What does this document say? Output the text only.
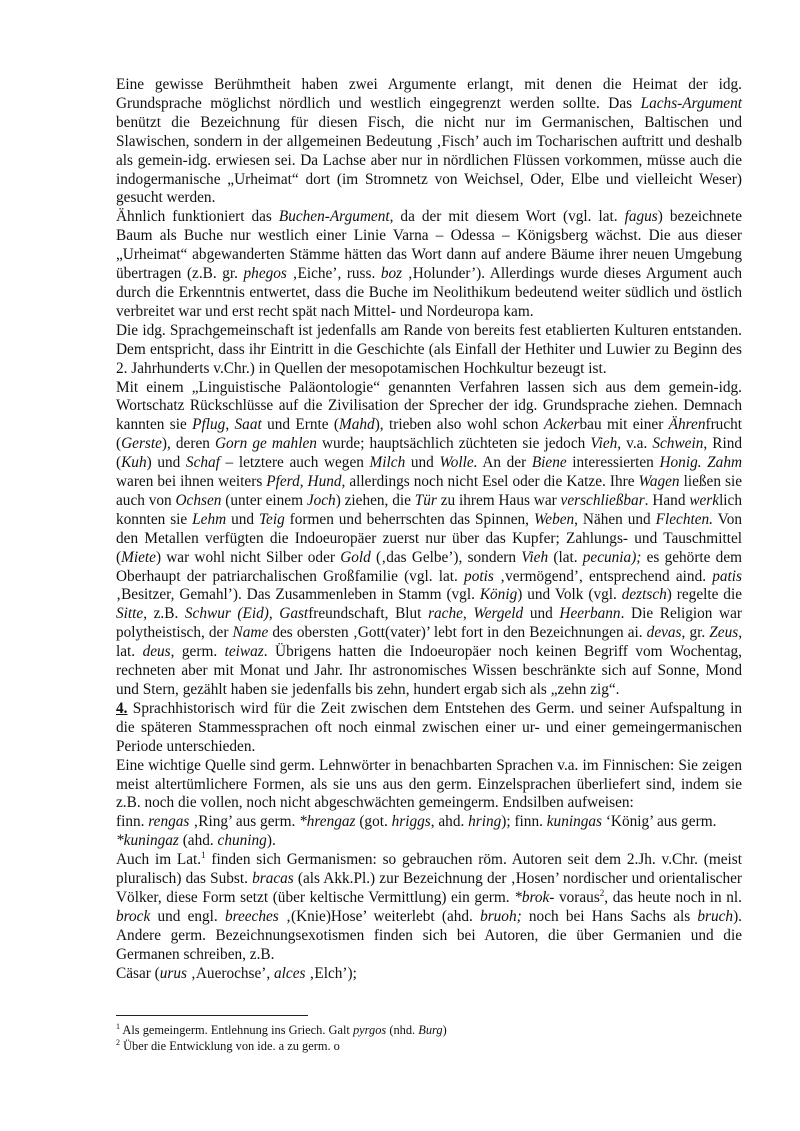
Eine gewisse Berühmtheit haben zwei Argumente erlangt, mit denen die Heimat der idg. Grundsprache möglichst nördlich und westlich eingegrenzt werden sollte. Das Lachs-Argument benützt die Bezeichnung für diesen Fisch, die nicht nur im Germanischen, Baltischen und Slawischen, sondern in der allgemeinen Bedeutung ‚Fisch’ auch im Tocharischen auftritt und deshalb als gemein-idg. erwiesen sei. Da Lachse aber nur in nördlichen Flüssen vorkommen, müsse auch die indogermanische „Urheimat“ dort (im Stromnetz von Weichsel, Oder, Elbe und vielleicht Weser) gesucht werden.

Ähnlich funktioniert das Buchen-Argument, da der mit diesem Wort (vgl. lat. fagus) bezeichnete Baum als Buche nur westlich einer Linie Varna – Odessa – Königsberg wächst. Die aus dieser „Urheimat“ abgewanderten Stämme hätten das Wort dann auf andere Bäume ihrer neuen Umgebung übertragen (z.B. gr. phegos ‚Eiche’, russ. boz ‚Holunder’). Allerdings wurde dieses Argument auch durch die Erkenntnis entwertet, dass die Buche im Neolithikum bedeutend weiter südlich und östlich verbreitet war und erst recht spät nach Mittel- und Nordeuropa kam.

Die idg. Sprachgemeinschaft ist jedenfalls am Rande von bereits fest etablierten Kulturen entstanden. Dem entspricht, dass ihr Eintritt in die Geschichte (als Einfall der Hethiter und Luwier zu Beginn des 2. Jahrhunderts v.Chr.) in Quellen der mesopotamischen Hochkultur bezeugt ist.

Mit einem „Linguistische Paläontologie“ genannten Verfahren lassen sich aus dem gemein-idg. Wortschatz Rückschlüsse auf die Zivilisation der Sprecher der idg. Grundsprache ziehen. Demnach kannten sie Pflug, Saat und Ernte (Mahd), trieben also wohl schon Ackerbau mit einer Ährenfrucht (Gerste), deren Gorn ge mahlen wurde; hauptsächlich züchteten sie jedoch Vieh, v.a. Schwein, Rind (Kuh) und Schaf – letztere auch wegen Milch und Wolle. An der Biene interessierten Honig. Zahm waren bei ihnen weiters Pferd, Hund, allerdings noch nicht Esel oder die Katze. Ihre Wagen ließen sie auch von Ochsen (unter einem Joch) ziehen, die Tür zu ihrem Haus war verschließbar. Hand werklich konnten sie Lehm und Teig formen und beherrschten das Spinnen, Weben, Nähen und Flechten. Von den Metallen verfügten die Indoeuropäer zuerst nur über das Kupfer; Zahlungs- und Tauschmittel (Miete) war wohl nicht Silber oder Gold (‚das Gelbe’), sondern Vieh (lat. pecunia); es gehörte dem Oberhaupt der patriarchalischen Großfamilie (vgl. lat. potis ‚vermögend’, entsprechend aind. patis ‚Besitzer, Gemahl’). Das Zusammenleben in Stamm (vgl. König) und Volk (vgl. deztsch) regelte die Sitte, z.B. Schwur (Eid), Gastfreundschaft, Blut rache, Wergeld und Heerbann. Die Religion war polytheistisch, der Name des obersten ‚Gott(vater)’ lebt fort in den Bezeichnungen ai. devas, gr. Zeus, lat. deus, germ. teiwaz. Übrigens hatten die Indoeuropäer noch keinen Begriff vom Wochentag, rechneten aber mit Monat und Jahr. Ihr astronomisches Wissen beschränkte sich auf Sonne, Mond und Stern, gezählt haben sie jedenfalls bis zehn, hundert ergab sich als „zehn zig“.

4. Sprachhistorisch wird für die Zeit zwischen dem Entstehen des Germ. und seiner Aufspaltung in die späteren Stammessprachen oft noch einmal zwischen einer ur- und einer gemeingermanischen Periode unterschieden.

Eine wichtige Quelle sind germ. Lehnwörter in benachbarten Sprachen v.a. im Finnischen: Sie zeigen meist altertümlichere Formen, als sie uns aus den germ. Einzelsprachen überliefert sind, indem sie z.B. noch die vollen, noch nicht abgeschwächten gemeingerm. Endsilben aufweisen:

finn. rengas ‚Ring’ aus germ. *hrengaz (got. hriggs, ahd. hring); finn. kuningas ‘König’ aus germ. *kuningaz (ahd. chuning).

Auch im Lat.$^1$ finden sich Germanismen: so gebrauchen röm. Autoren seit dem 2.Jh. v.Chr. (meist pluralisch) das Subst. bracas (als Akk.Pl.) zur Bezeichnung der ‚Hosen’ nordischer und orientalischer Völker, diese Form setzt (über keltische Vermittlung) ein germ. *brok- voraus$^2$, das heute noch in nl. brock und engl. breeches ‚(Knie)Hose’ weiterlebt (ahd. bruoh; noch bei Hans Sachs als bruch). Andere germ. Bezeichnungsexotismen finden sich bei Autoren, die über Germanien und die Germanen schreiben, z.B.

Cäsar (urus ‚Auerochse’, alces ‚Elch’);

$^1$ Als gemeingerm. Entlehnung ins Griech. Galt pyrgos (nhd. Burg)

$^2$ Über die Entwicklung von ide. a zu germ. o
